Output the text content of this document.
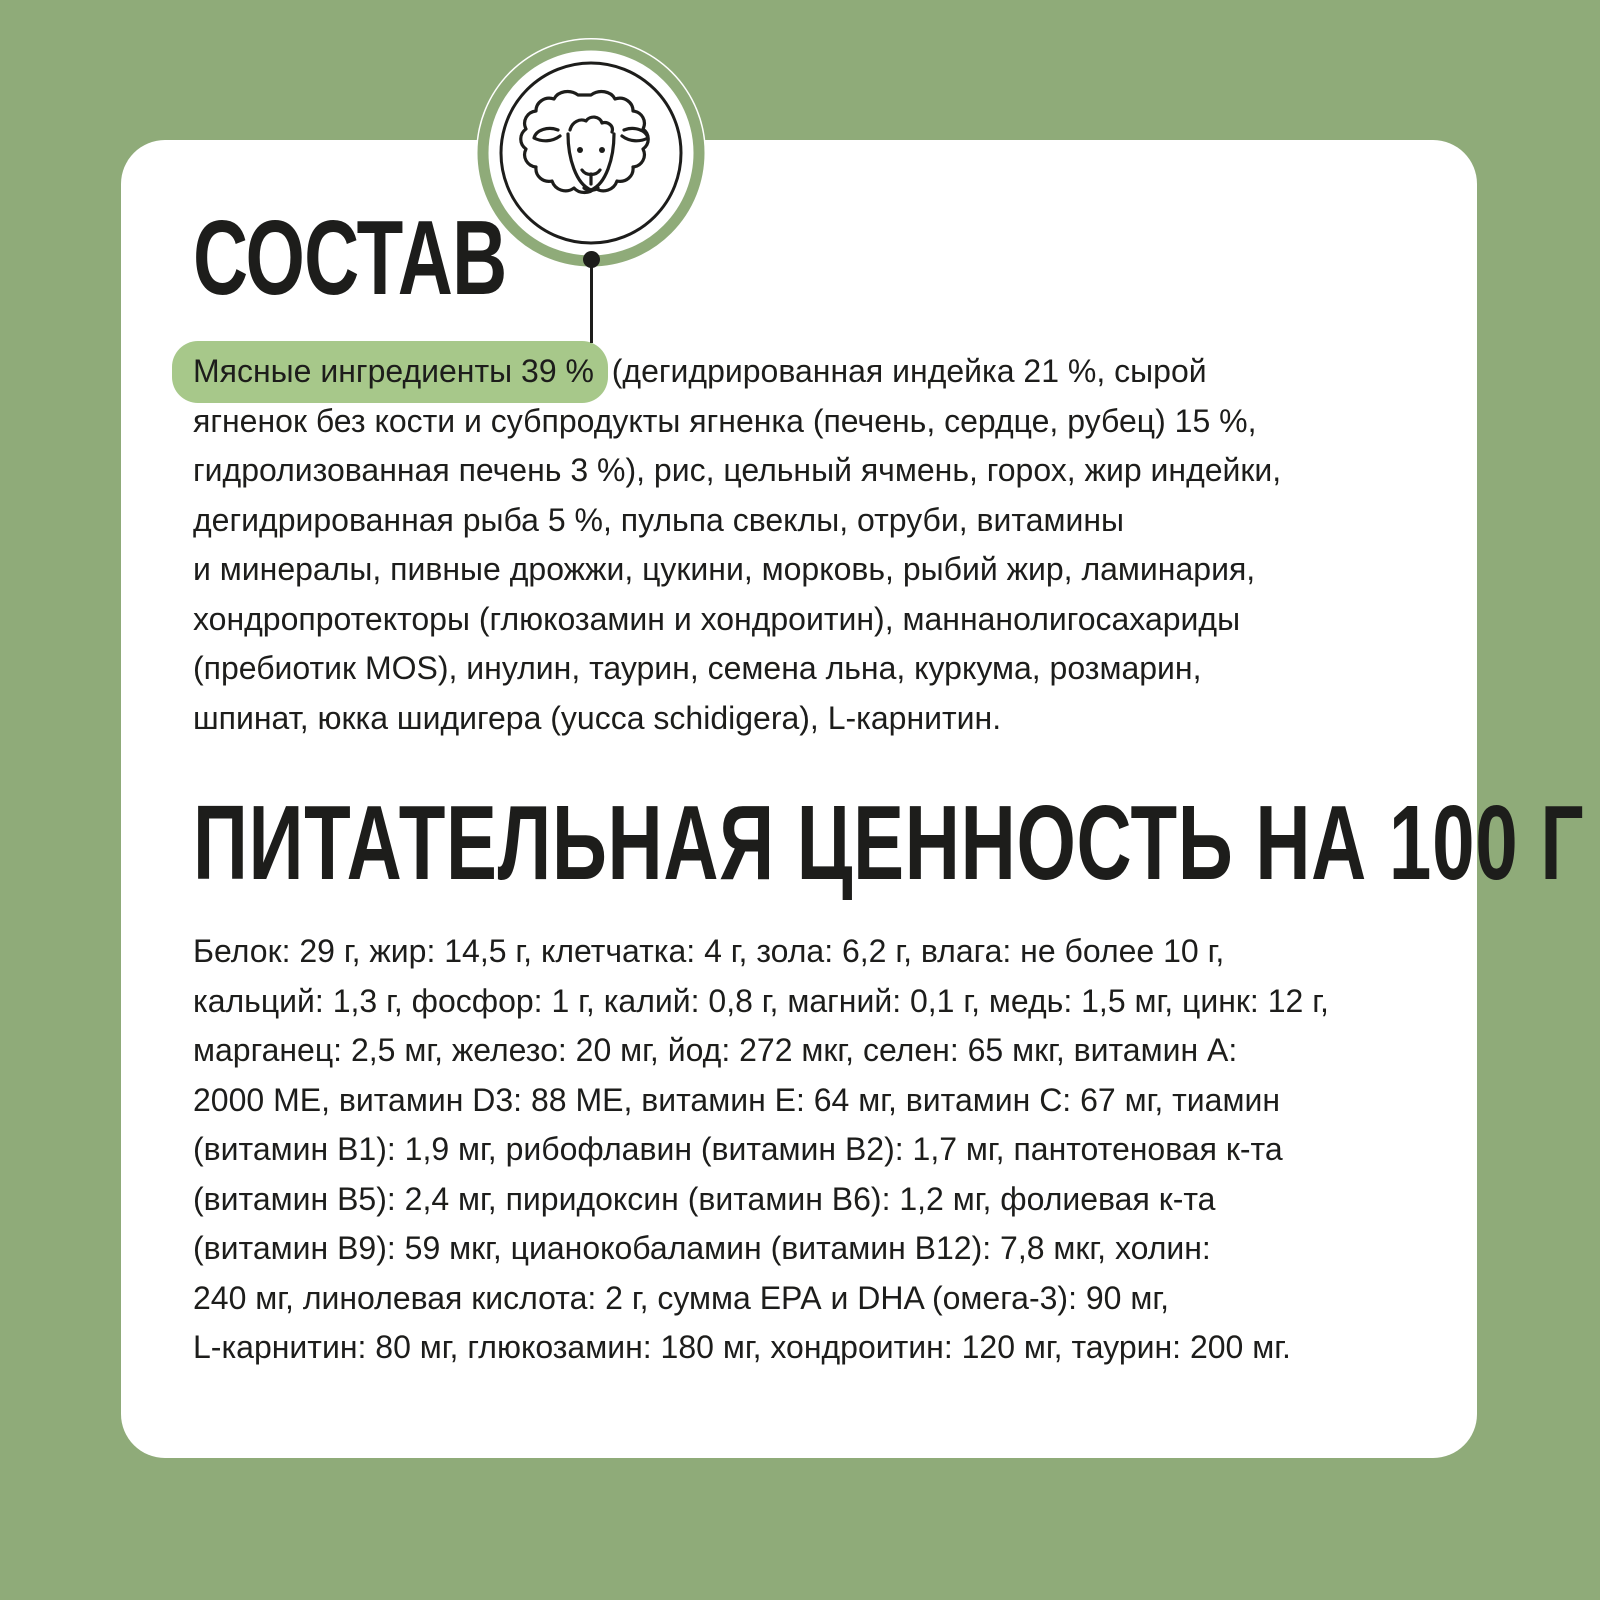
СОСТАВ

Мясные ингредиенты 39 % (дегидрированная индейка 21 %, сырой
ягненок без кости и субпродукты ягненка (печень, сердце, рубец) 15 %,
гидролизованная печень 3 %), рис, цельный ячмень, горох, жир индейки,
дегидрированная рыба 5 %, пульпа свеклы, отруби, витамины
и минералы, пивные дрожжи, цукини, морковь, рыбий жир, ламинария,
хондропротекторы (глюкозамин и хондроитин), маннанолигосахариды
(пребиотик MOS), инулин, таурин, семена льна, куркума, розмарин,
шпинат, юкка шидигера (yucca schidigera), L-карнитин.

ПИТАТЕЛЬНАЯ ЦЕННОСТЬ НА 100 Г

Белок: 29 г, жир: 14,5 г, клетчатка: 4 г, зола: 6,2 г, влага: не более 10 г,
кальций: 1,3 г, фосфор: 1 г, калий: 0,8 г, магний: 0,1 г, медь: 1,5 мг, цинк: 12 г,
марганец: 2,5 мг, железо: 20 мг, йод: 272 мкг, селен: 65 мкг, витамин А:
2000 МЕ, витамин D3: 88 МЕ, витамин Е: 64 мг, витамин С: 67 мг, тиамин
(витамин В1): 1,9 мг, рибофлавин (витамин В2): 1,7 мг, пантотеновая к-та
(витамин В5): 2,4 мг, пиридоксин (витамин В6): 1,2 мг, фолиевая к-та
(витамин В9): 59 мкг, цианокобаламин (витамин В12): 7,8 мкг, холин:
240 мг, линолевая кислота: 2 г, сумма ЕРА и DHA (омега-3): 90 мг,
L-карнитин: 80 мг, глюкозамин: 180 мг, хондроитин: 120 мг, таурин: 200 мг.
